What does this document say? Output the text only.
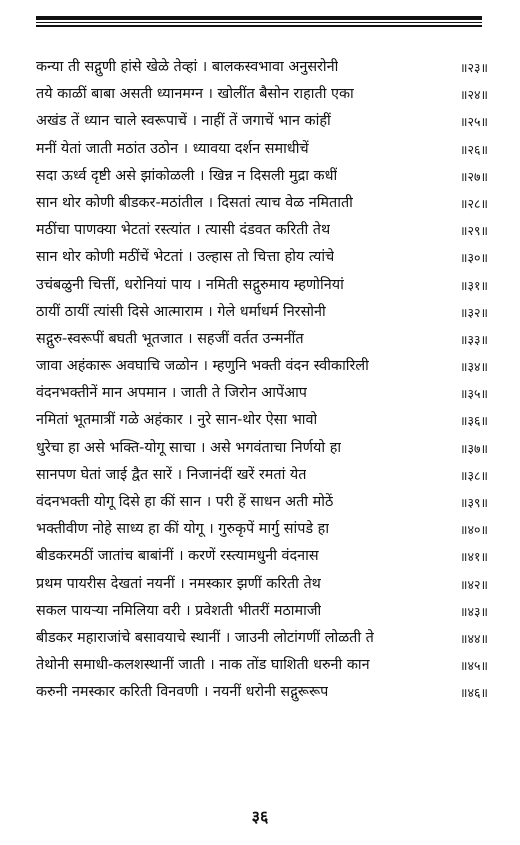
कन्या ती सद्गुणी हांसे खेळे तेव्हां । बालकस्वभावा अनुसरोनी	॥२३॥
तये काळीं बाबा असती ध्यानमग्न । खोलींत बैसोन राहाती एका	॥२४॥
अखंड तें ध्यान चाले स्वरूपाचें । नाहीं तें जगाचें भान कांहीं	॥२५॥
मनीं येतां जाती मठांत उठोन । ध्यावया दर्शन समाधीचें	॥२६॥
सदा ऊर्ध्व दृष्टी असे झांकोळली । खिन्न न दिसली मुद्रा कधीं	॥२७॥
सान थोर कोणी बीडकर-मठांतील । दिसतां त्याच वेळ नमिताती	॥२८॥
मठींचा पाणक्या भेटतां रस्त्यांत । त्यासी दंडवत करिती तेथ	॥२९॥
सान थोर कोणी मठींचें भेटतां । उल्हास तो चित्ता होय त्यांचे	॥३०॥
उचंबळुनी चित्तीं, धरोनियां पाय । नमिती सद्गुरुमाय म्हणोनियां	॥३१॥
ठायीं ठायीं त्यांसी दिसे आत्माराम । गेले धर्माधर्म निरसोनी	॥३२॥
सद्गुरु-स्वरूपीं बघती भूतजात । सहजीं वर्तत उन्मनींत	॥३३॥
जावा अहंकारू अवघाचि जळोन । म्हणुनि भक्ती वंदन स्वीकारिली	॥३४॥
वंदनभक्तीनें मान अपमान । जाती ते जिरोन आपेंआप	॥३५॥
नमितां भूतमात्रीं गळे अहंकार । नुरे सान-थोर ऐसा भावो	॥३६॥
धुरेचा हा असे भक्ति-योगू साचा । असे भगवंताचा निर्णयो हा	॥३७॥
सानपण घेतां जाई द्वैत सारें । निजानंदीं खरें रमतां येत	॥३८॥
वंदनभक्ती योगू दिसे हा कीं सान । परी हें साधन अती मोठें	॥३९॥
भक्तीवीण नोहे साध्य हा कीं योगू । गुरुकृपें मार्गु सांपडे हा	॥४०॥
बीडकरमठीं जातांच बाबांनीं । करणें रस्त्यामधुनी वंदनास	॥४१॥
प्रथम पायरीस देखतां नयनीं । नमस्कार झणीं करिती तेथ	॥४२॥
सकल पायऱ्या नमिलिया वरी । प्रवेशती भीतरीं मठामाजी	॥४३॥
बीडकर महाराजांचे बसावयाचे स्थानीं । जाउनी लोटांगणीं लोळती ते	॥४४॥
तेथोनी समाधी-कलशस्थानीं जाती । नाक तोंड घाशिती धरुनी कान	॥४५॥
करुनी नमस्कार करिती विनवणी । नयनीं धरोनी सद्गुरूरूप	॥४६॥
३६
